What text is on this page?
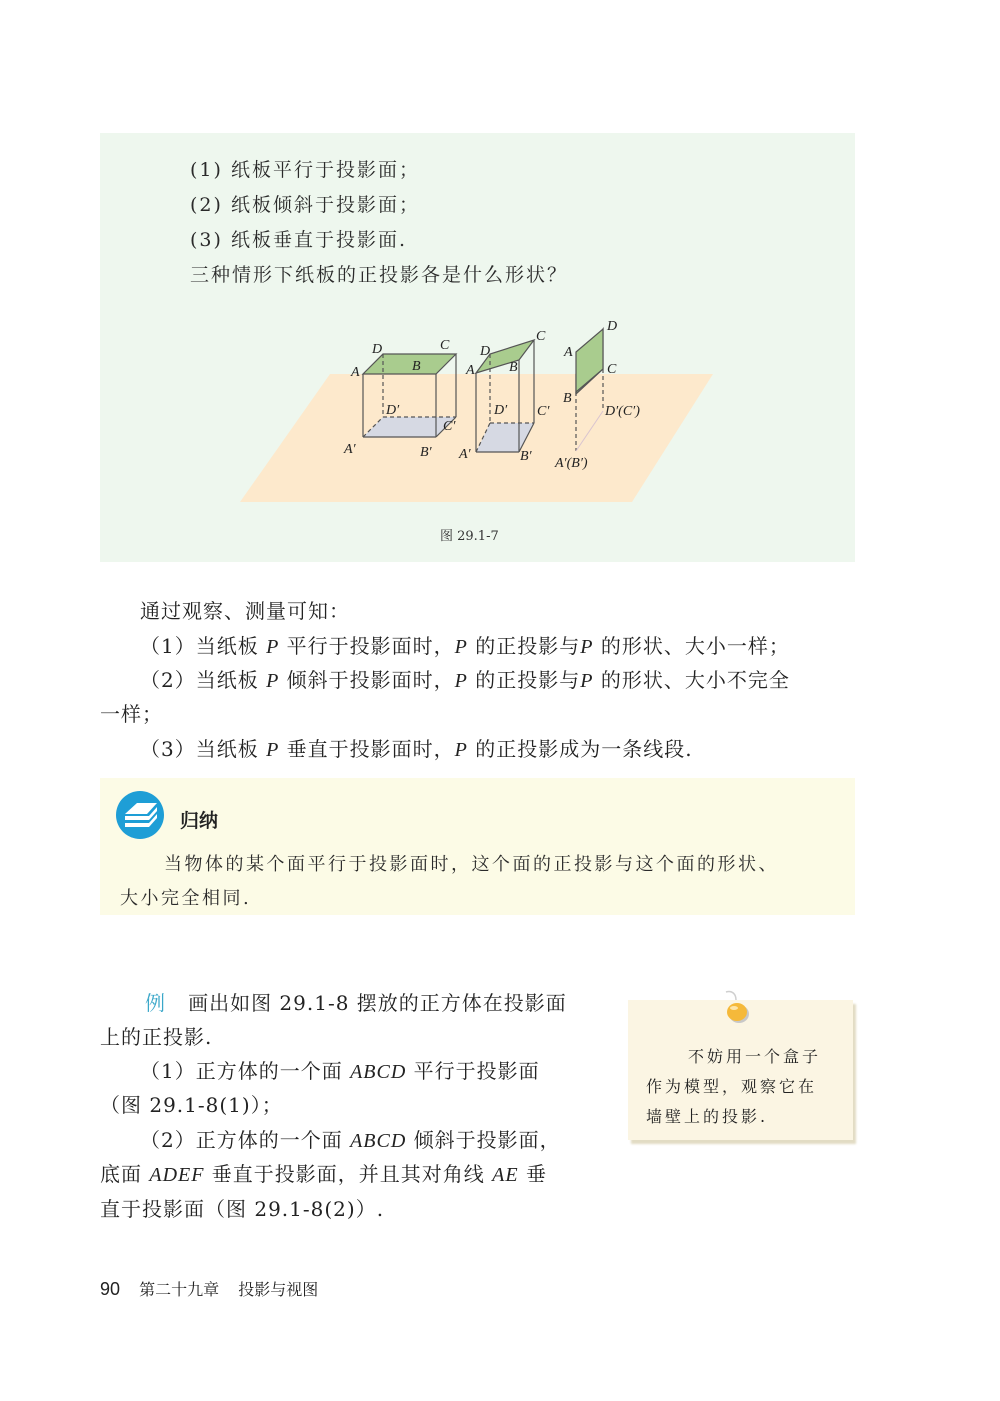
(1) 纸板平行于投影面；
(2) 纸板倾斜于投影面；
(3) 纸板垂直于投影面.
三种情形下纸板的正投影各是什么形状？
D	C
A	B
D′
C′
A′	B′
D
C
A B
D′ C′
A′	B′
D
A
C
B
D′(C′)
A′(B′)
图 29.1-7
通过观察、测量可知：
（1）当纸板 P 平行于投影面时，P 的正投影与P 的形状、大小一样；
（2）当纸板 P 倾斜于投影面时，P 的正投影与P 的形状、大小不完全
一样；
（3）当纸板 P 垂直于投影面时，P 的正投影成为一条线段.
归纳
当物体的某个面平行于投影面时，这个面的正投影与这个面的形状、
大小完全相同.
例 画出如图 29.1-8 摆放的正方体在投影面
上的正投影.
（1）正方体的一个面 ABCD 平行于投影面
（图 29.1-8(1)）；
（2）正方体的一个面 ABCD 倾斜于投影面，
底面 ADEF 垂直于投影面，并且其对角线 AE 垂
直于投影面（图 29.1-8(2)）.
不妨用一个盒子
作为模型，观察它在
墙壁上的投影.
90 第二十九章 投影与视图
